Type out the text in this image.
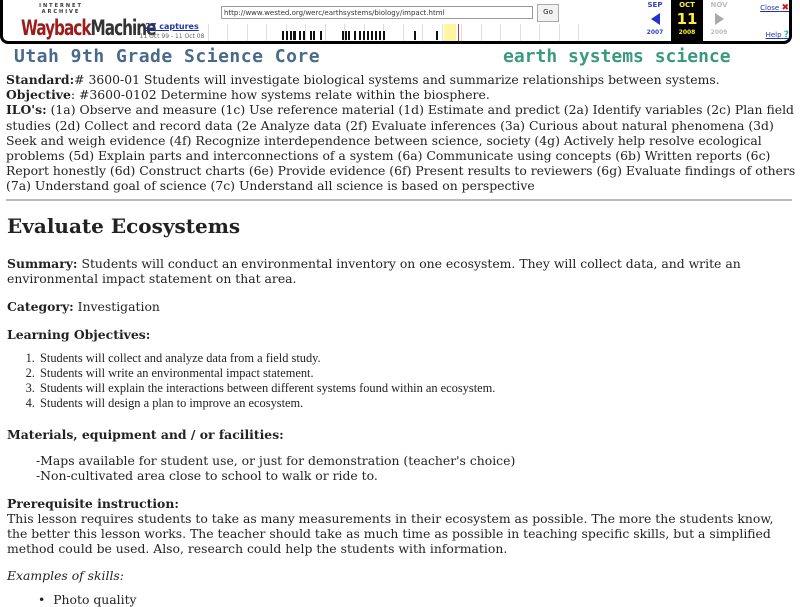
INTERNET ARCHIVE
WaybackMachine
27 captures
11 Oct 99 - 11 Oct 08
http://www.wested.org/werc/earthsystems/biology/impact.html
Go
SEP
2007
OCT
11
2008
NOV
2009
Close ✖
Help ?
Utah 9th Grade Science Core	earth systems science
Standard:# 3600-01 Students will investigate biological systems and summarize relationships between systems.
Objective: #3600-0102 Determine how systems relate within the biosphere.
ILO's: (1a) Observe and measure (1c) Use reference material (1d) Estimate and predict (2a) Identify variables (2c) Plan field studies (2d) Collect and record data (2e Analyze data (2f) Evaluate inferences (3a) Curious about natural phenomena (3d) Seek and weigh evidence (4f) Recognize interdependence between science, society (4g) Actively help resolve ecological problems (5d) Explain parts and interconnections of a system (6a) Communicate using concepts (6b) Written reports (6c) Report honestly (6d) Construct charts (6e) Provide evidence (6f) Present results to reviewers (6g) Evaluate findings of others (7a) Understand goal of science (7c) Understand all science is based on perspective
Evaluate Ecosystems
Summary: Students will conduct an environmental inventory on one ecosystem. They will collect data, and write an environmental impact statement on that area.
Category: Investigation
Learning Objectives:
1. Students will collect and analyze data from a field study.
2. Students will write an environmental impact statement.
3. Students will explain the interactions between different systems found within an ecosystem.
4. Students will design a plan to improve an ecosystem.
Materials, equipment and / or facilities:
-Maps available for student use, or just for demonstration (teacher's choice)
-Non-cultivated area close to school to walk or ride to.
Prerequisite instruction:
This lesson requires students to take as many measurements in their ecosystem as possible. The more the students know, the better this lesson works. The teacher should take as much time as possible in teaching specific skills, but a simplified method could be used. Also, research could help the students with information.
Examples of skills:
•  Photo quality
